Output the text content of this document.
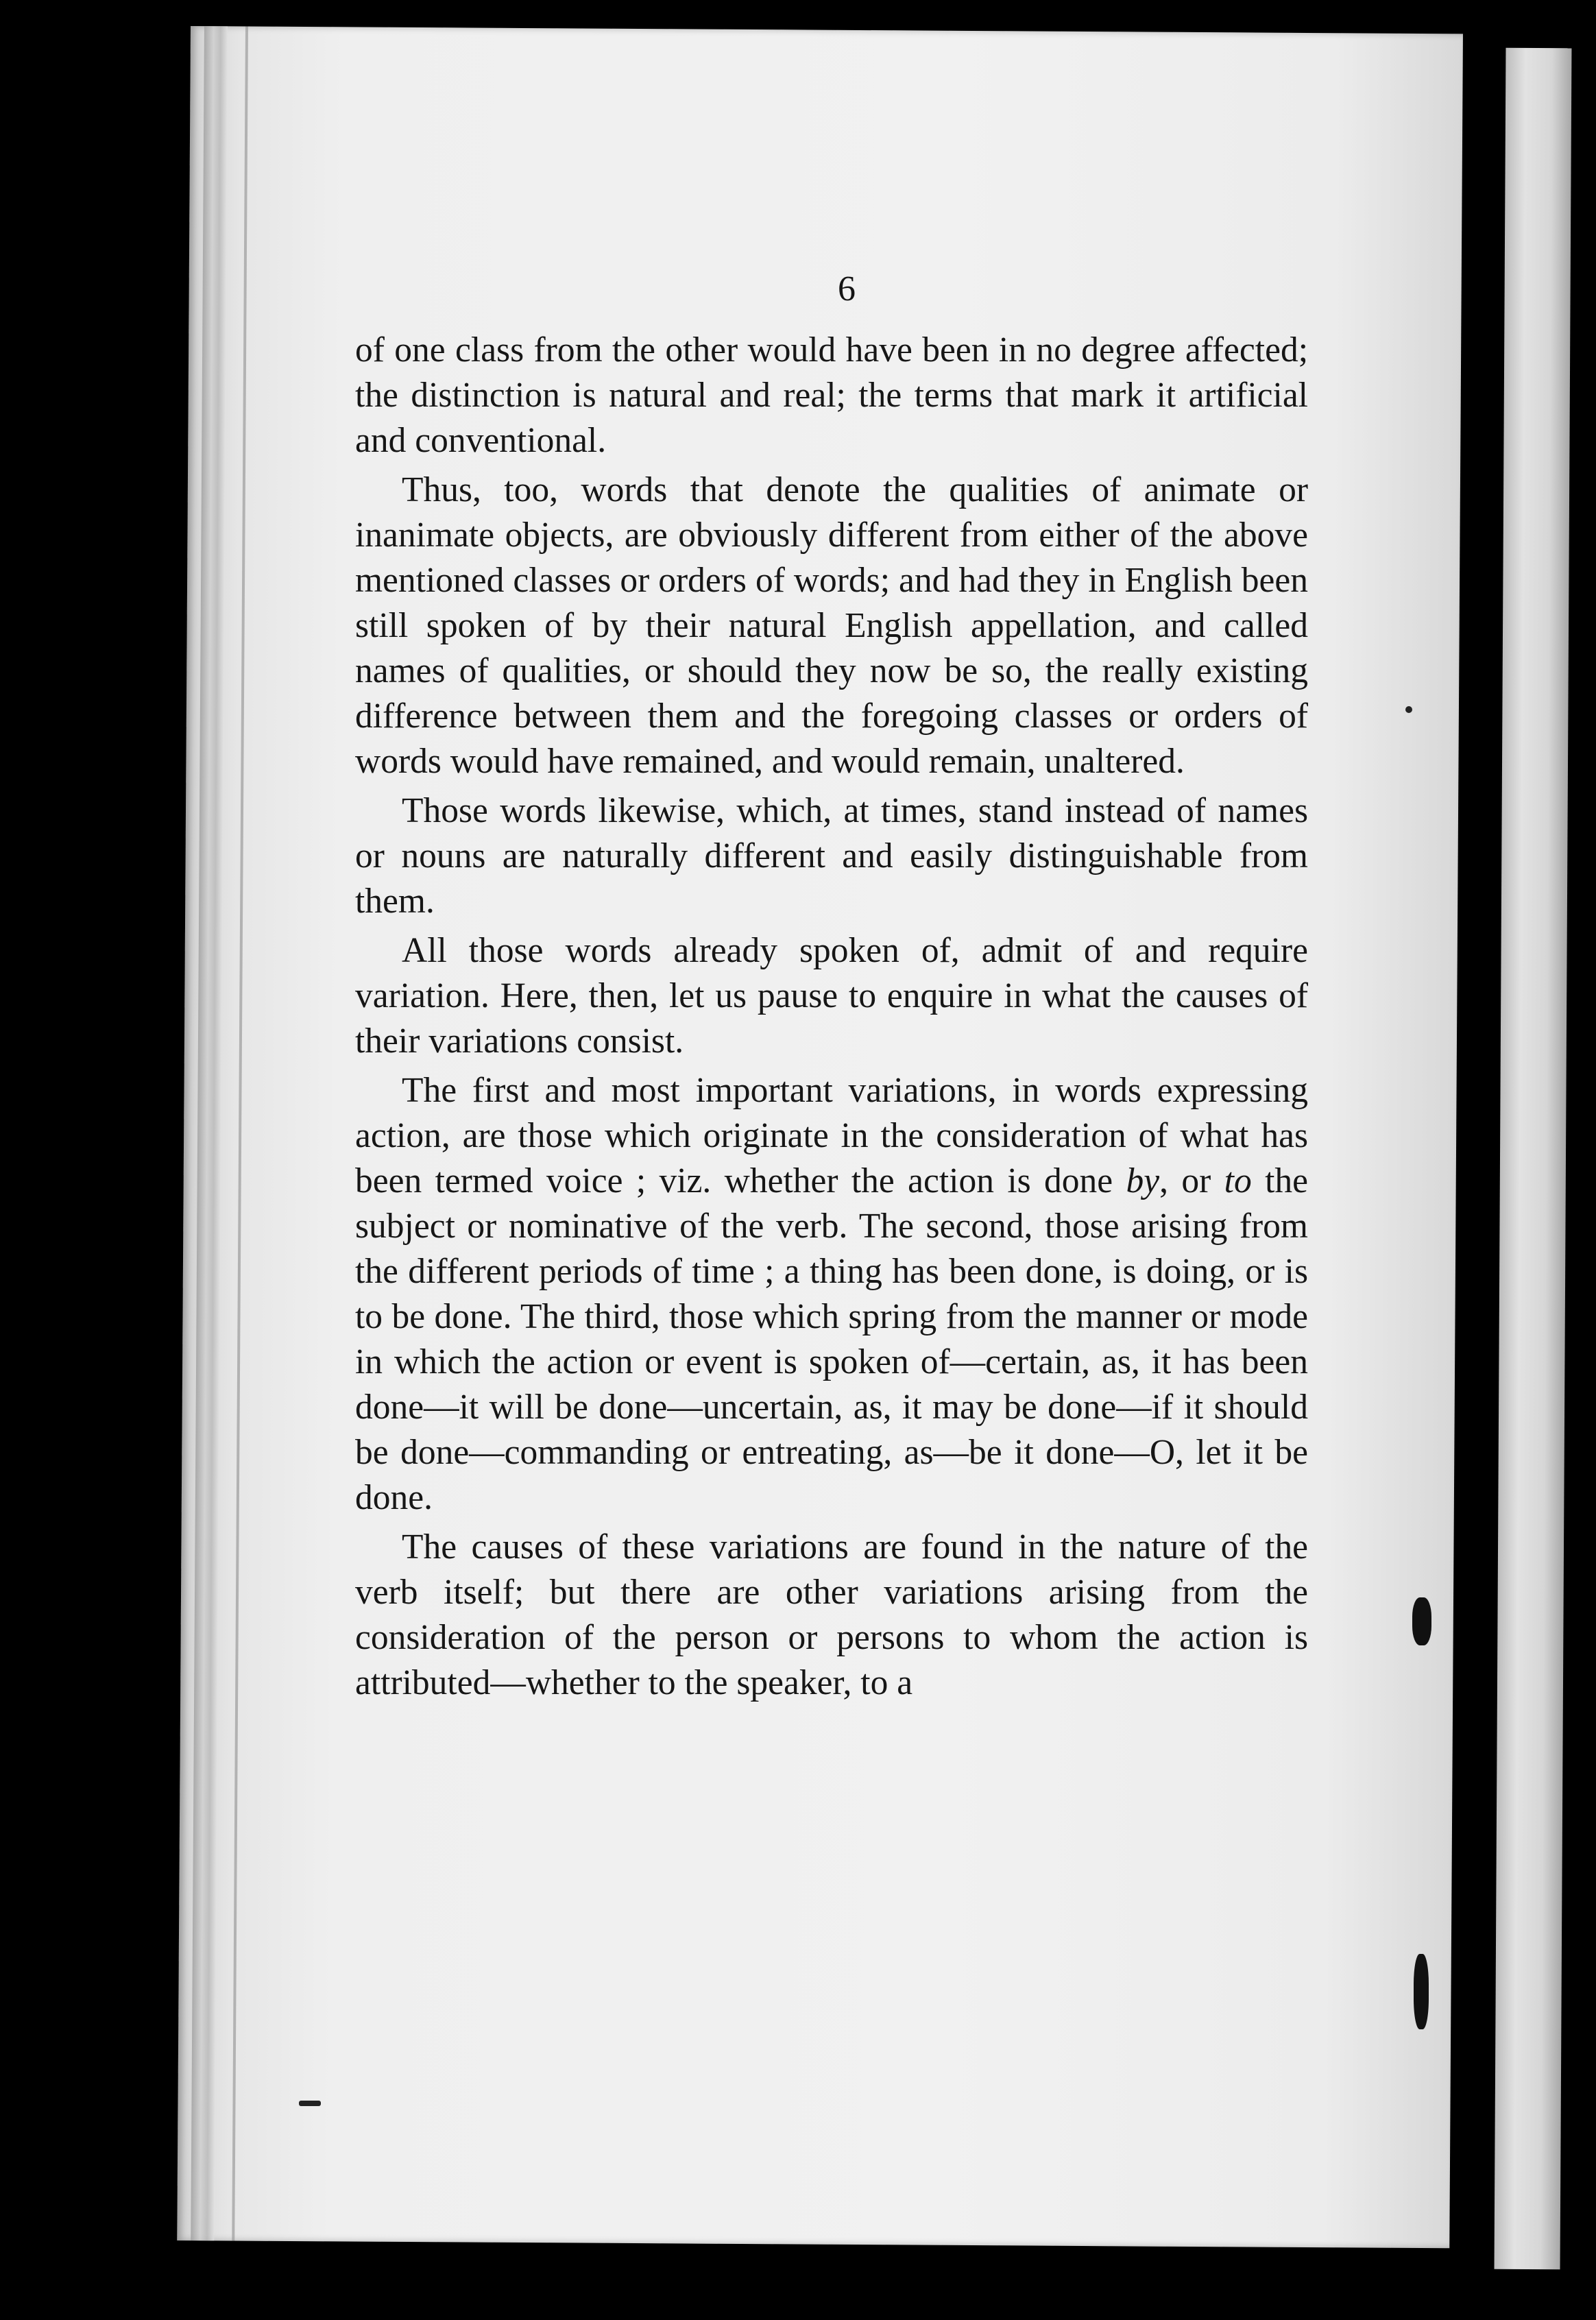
6

of one class from the other would have been in no degree affected; the distinction is natural and real; the terms that mark it artificial and conventional.

Thus, too, words that denote the qualities of animate or inanimate objects, are obviously different from either of the above mentioned classes or orders of words; and had they in English been still spoken of by their natural English appellation, and called names of qualities, or should they now be so, the really existing difference between them and the foregoing classes or orders of words would have remained, and would remain, unaltered.

Those words likewise, which, at times, stand instead of names or nouns are naturally different and easily distinguishable from them.

All those words already spoken of, admit of and require variation. Here, then, let us pause to enquire in what the causes of their variations consist.

The first and most important variations, in words expressing action, are those which originate in the consideration of what has been termed voice ; viz. whether the action is done by, or to the subject or nominative of the verb. The second, those arising from the different periods of time ; a thing has been done, is doing, or is to be done. The third, those which spring from the manner or mode in which the action or event is spoken of—certain, as, it has been done—it will be done—uncertain, as, it may be done—if it should be done—commanding or entreating, as—be it done—O, let it be done.

The causes of these variations are found in the nature of the verb itself; but there are other variations arising from the consideration of the person or persons to whom the action is attributed—whether to the speaker, to a
